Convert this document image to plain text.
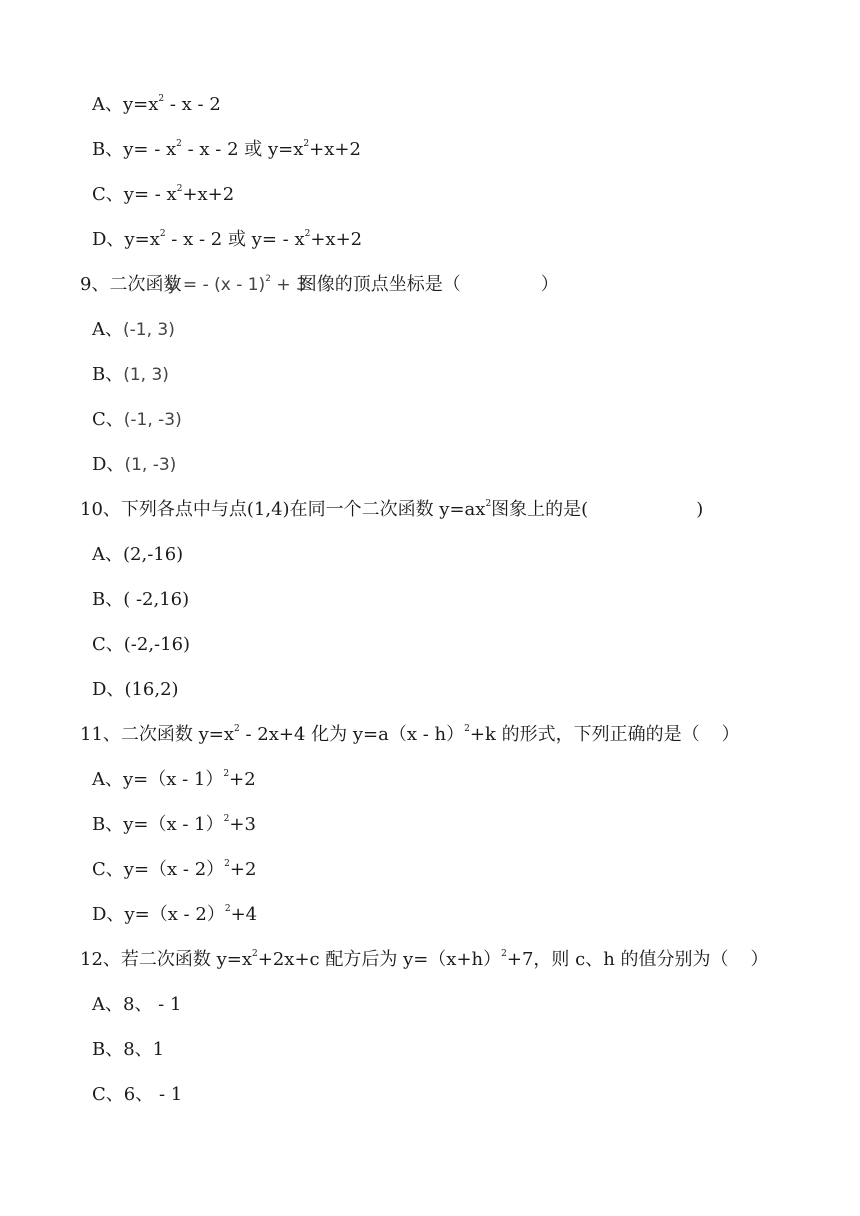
A、$y=x^2 - x - 2$
B、$y= - x^2 - x - 2$ 或 $y=x^2+x+2$
C、$y= - x^2+x+2$
D、$y=x^2 - x - 2$ 或 $y= - x^2+x+2$
9、二次函数y = - (x - 1)$^2$ + 3图像的顶点坐标是（	）
A、(-1, 3)
B、(1, 3)
C、(-1, -3)
D、(1, -3)
10、下列各点中与点(1,4)在同一个二次函数 $y=ax^2$图象上的是(	)
A、(2,-16)
B、( -2,16)
C、(-2,-16)
D、(16,2)
11、二次函数 $y=x^2 - 2x+4$ 化为 y=a（x - h）$^2$+k 的形式，下列正确的是（ ）
A、y=（x - 1）$^2$+2
B、y=（x - 1）$^2$+3
C、y=（x - 2）$^2$+2
D、y=（x - 2）$^2$+4
12、若二次函数 $y=x^2+2x+c$ 配方后为 $y=(x+h)^2+7$，则 c、h 的值分别为（ ）
A、8、 - 1
B、8、1
C、6、 - 1
